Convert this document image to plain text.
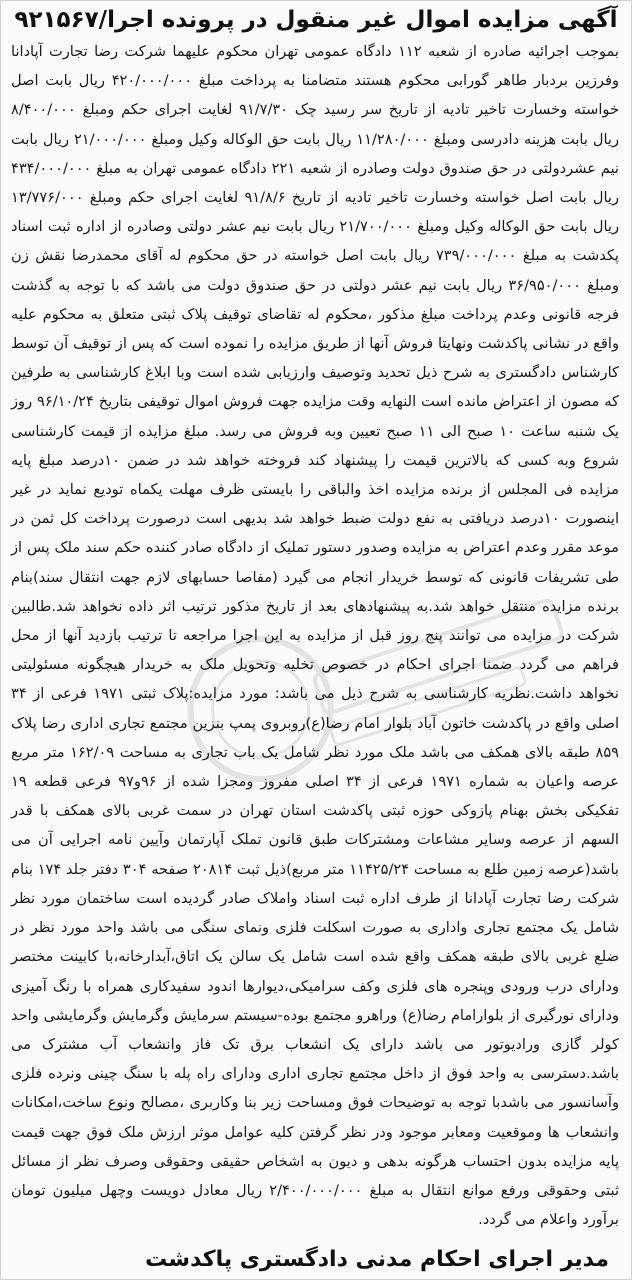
آگهی مزایده اموال غیر منقول در پرونده اجرا/۹۲۱۵۶۷
بموجب اجرائیه صادره از شعبه ۱۱۲ دادگاه عمومی تهران محکوم علیهما شرکت رضا تجارت آپادانا وفرزین بردبار طاهر گورابی محکوم هستند متضامنا به پرداخت مبلغ ۴۲۰/۰۰۰/۰۰۰ ریال بابت اصل خواسته وخسارت تاخیر تادیه از تاریخ سر رسید چک ۹۱/۷/۳۰ لغایت اجرای حکم ومبلغ ۸/۴۰۰/۰۰۰ ریال بابت هزینه دادرسی ومبلغ ۱۱/۲۸۰/۰۰۰ ریال بابت حق الوکاله وکیل ومبلغ ۲۱/۰۰۰/۰۰۰ ریال بابت نیم عشردولتی در حق صندوق دولت وصادره از شعبه ۲۲۱ دادگاه عمومی تهران به مبلغ ۴۳۴/۰۰۰/۰۰۰ ریال بابت اصل خواسته وخسارت تاخیر تادیه از تاریخ ۹۱/۸/۶ لغایت اجرای حکم ومبلغ ۱۳/۷۷۶/۰۰۰ ریال بابت حق الوکاله وکیل ومبلغ ۲۱/۷۰۰/۰۰۰ ریال بابت نیم عشر دولتی وصادره از اداره ثبت اسناد پکدشت به مبلغ ۷۳۹/۰۰۰/۰۰۰ ریال بابت اصل خواسته در حق محکوم له آقای محمدرضا نقش زن ومبلغ ۳۶/۹۵۰/۰۰۰ ریال بابت نیم عشر دولتی در حق صندوق دولت می باشد که با توجه به گذشت فرجه قانونی وعدم پرداخت مبلغ مذکور ،محکوم له تقاضای توقیف پلاک ثبتی متعلق به محکوم علیه واقع در نشانی پاکدشت ونهایتا فروش آنها از طریق مزایده را نموده است که پس از توقیف آن توسط کارشناس دادگستری به شرح ذیل تحدید وتوصیف وارزیابی شده است وبا ابلاغ کارشناسی به طرفین که مصون از اعتراض مانده است النهایه وقت مزایده جهت فروش اموال توقیفی بتاریخ ۹۶/۱۰/۲۴ روز یک شنبه ساعت ۱۰ صبح الی ۱۱ صبح تعیین وبه فروش می رسد. مبلغ مزایده از قیمت کارشناسی شروع وبه کسی که بالاترین قیمت را پیشنهاد کند فروخته خواهد شد در ضمن ۱۰درصد مبلغ پایه مزایده فی المجلس از برنده مزایده اخذ والباقی را بایستی ظرف مهلت یکماه تودیع نماید در غیر اینصورت ۱۰درصد دریافتی به نفع دولت ضبط خواهد شد بدیهی است درصورت پرداخت کل ثمن در موعد مقرر وعدم اعتراض به مزایده وصدور دستور تملیک از دادگاه صادر کننده حکم سند ملک پس از طی تشریفات قانونی که توسط خریدار انجام می گیرد (مفاصا حسابهای لازم جهت انتقال سند)بنام برنده مزایده منتقل خواهد شد.به پیشنهادهای بعد از تاریخ مذکور ترتیب اثر داده نخواهد شد.طالبین شرکت در مزایده می توانند پنج روز قبل از مزایده به این اجرا مراجعه تا ترتیب بازدید آنها از محل فراهم می گردد ضمنا اجرای احکام در خصوص تخلیه وتحویل ملک به خریدار هیچگونه مسئولیتی نخواهد داشت.نظریه کارشناسی به شرح ذیل می باشد: مورد مزایده:پلاک ثبتی ۱۹۷۱ فرعی از ۳۴ اصلی واقع در پاکدشت خاتون آباد بلوار امام رضا(ع)روبروی پمپ بنزین مجتمع تجاری اداری رضا پلاک ۸۵۹ طبقه بالای همکف می باشد ملک مورد نظر شامل یک باب تجاری به مساحت ۱۶۲/۰۹ متر مربع عرصه واعیان به شماره ۱۹۷۱ فرعی از ۳۴ اصلی مفروز ومجزا شده از ۹۶و۹۷ فرعی قطعه ۱۹ تفکیکی بخش بهنام پازوکی حوزه ثبتی پاکدشت استان تهران در سمت غربی بالای همکف با قدر السهم از عرصه وسایر مشاعات ومشترکات طبق قانون تملک آپارتمان وآیین نامه اجرایی آن می باشد(عرصه زمین طلع به مساحت ۱۱۴۲۵/۲۴ متر مربع)ذیل ثبت ۲۰۸۱۴ صفحه ۳۰۴ دفتر جلد ۱۷۴ بنام شرکت رضا تجارت آپادانا از طرف اداره ثبت اسناد واملاک صادر گردیده است ساختمان مورد نظر شامل یک مجتمع تجاری واداری به صورت اسکلت فلزی ونمای سنگی می باشد واحد مورد نظر در ضلع غربی بالای طبقه همکف واقع شده است شامل یک سالن یک اتاق،آبدارخانه،با کابینت مختصر ودارای درب ورودی وپنجره های فلزی وکف سرامیکی،دیوارها اندود سفیدکاری همراه با رنگ آمیزی ودارای نورگیری از بلوارامام رضا(ع) وراهرو مجتمع بوده-سیستم سرمایش وگرمایش وگرمایشی واحد کولر گازی ورادیوتور می باشد دارای یک انشعاب برق تک فاز وانشعاب آب مشترک می باشد.دسترسی به واحد فوق از داخل مجتمع تجاری اداری ودارای راه پله با سنگ چینی ونرده فلزی وآسانسور می باشدبا توجه به توضیحات فوق ومساحت زیر بنا وکاربری ،مصالح ونوع ساخت،امکانات وانشعاب ها وموقعیت ومعابر موجود ودر نظر گرفتن کلیه عوامل موثر ارزش ملک فوق جهت قیمت پایه مزایده بدون احتساب هرگونه بدهی و دیون به اشخاص حقیقی وحقوقی وصرف نظر از مسائل ثبتی وحقوقی ورفع موانع انتقال به مبلغ ۲/۴۰۰/۰۰۰/۰۰۰ ریال معادل دویست وچهل میلیون تومان برآورد واعلام می گردد.
مدیر اجرای احکام مدنی دادگستری پاکدشت
